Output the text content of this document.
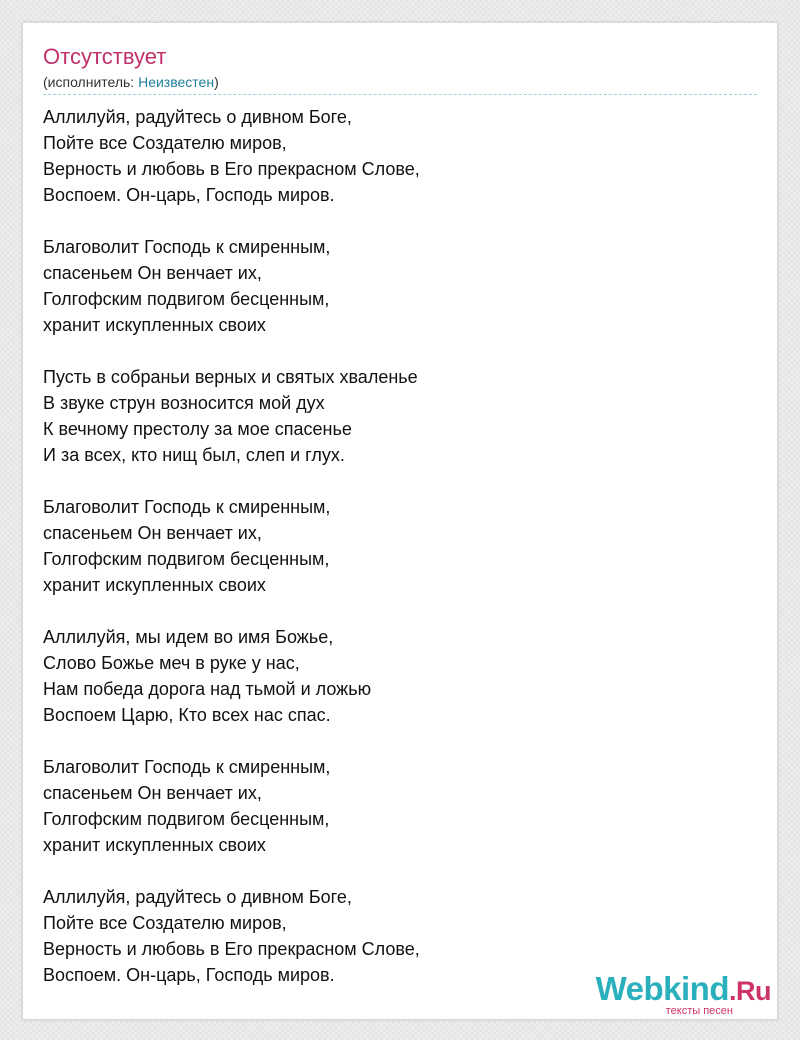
Отсутствует
(исполнитель: Неизвестен)
Аллилуйя, радуйтесь о дивном Боге,
Пойте все Создателю миров,
Верность и любовь в Его прекрасном Слове,
Воспоем. Он-царь, Господь миров.
Благоволит Господь к смиренным,
спасеньем Он венчает их,
Голгофским подвигом бесценным,
хранит искупленных своих
Пусть в собраньи верных и святых хваленье
В звуке струн возносится мой дух
К вечному престолу за мое спасенье
И за всех, кто нищ был, слеп и глух.
Благоволит Господь к смиренным,
спасеньем Он венчает их,
Голгофским подвигом бесценным,
хранит искупленных своих
Аллилуйя, мы идем во имя Божье,
Слово Божье меч в руке у нас,
Нам победа дорога над тьмой и ложью
Воспоем Царю, Кто всех нас спас.
Благоволит Господь к смиренным,
спасеньем Он венчает их,
Голгофским подвигом бесценным,
хранит искупленных своих
Аллилуйя, радуйтесь о дивном Боге,
Пойте все Создателю миров,
Верность и любовь в Его прекрасном Слове,
Воспоем. Он-царь, Господь миров.	Webkind.Ru
тексты песен
